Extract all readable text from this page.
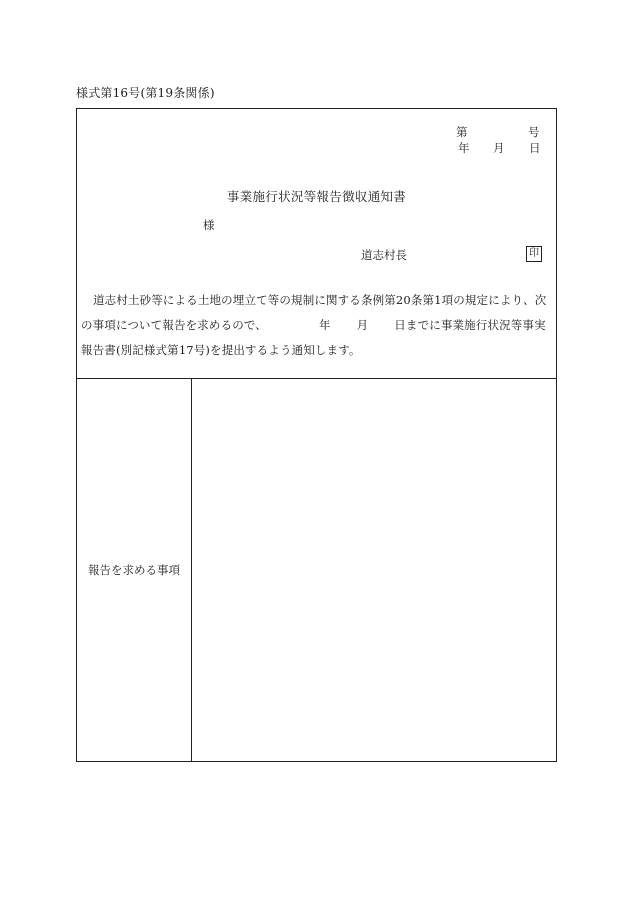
様式第16号(第19条関係)
第	号
年 月 日
事業施行状況等報告徴収通知書
様
道志村長	印
道志村土砂等による土地の埋立て等の規制に関する条例第20条第1項の規定により、次
の事項について報告を求めるので、	年 月 日までに事業施行状況等事実
報告書(別記様式第17号)を提出するよう通知します。
報告を求める事項
